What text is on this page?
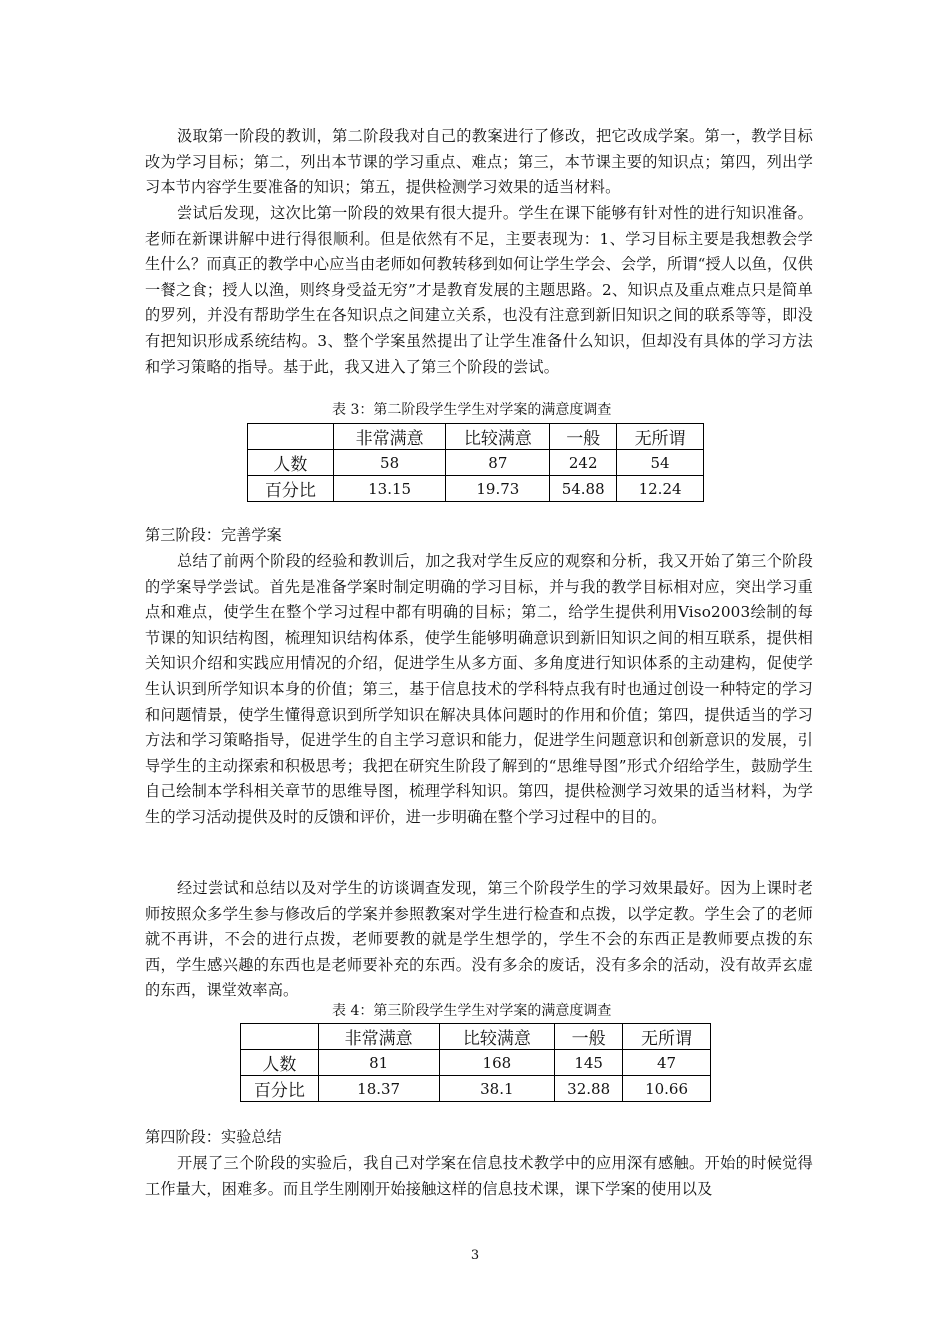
汲取第一阶段的教训，第二阶段我对自己的教案进行了修改，把它改成学案。第一，教学目标改为学习目标；第二，列出本节课的学习重点、难点；第三，本节课主要的知识点；第四，列出学习本节内容学生要准备的知识；第五，提供检测学习效果的适当材料。

尝试后发现，这次比第一阶段的效果有很大提升。学生在课下能够有针对性的进行知识准备。老师在新课讲解中进行得很顺利。但是依然有不足，主要表现为：1、学习目标主要是我想教会学生什么？而真正的教学中心应当由老师如何教转移到如何让学生学会、会学，所谓“授人以鱼，仅供一餐之食；授人以渔，则终身受益无穷”才是教育发展的主题思路。2、知识点及重点难点只是简单的罗列，并没有帮助学生在各知识点之间建立关系，也没有注意到新旧知识之间的联系等等，即没有把知识形成系统结构。3、整个学案虽然提出了让学生准备什么知识，但却没有具体的学习方法和学习策略的指导。基于此，我又进入了第三个阶段的尝试。

表 3：第二阶段学生学生对学案的满意度调查
	非常满意	比较满意	一般	无所谓
人数	58	87	242	54
百分比	13.15	19.73	54.88	12.24
第三阶段：完善学案

总结了前两个阶段的经验和教训后，加之我对学生反应的观察和分析，我又开始了第三个阶段的学案导学尝试。首先是准备学案时制定明确的学习目标，并与我的教学目标相对应，突出学习重点和难点，使学生在整个学习过程中都有明确的目标；第二，给学生提供利用Viso2003绘制的每节课的知识结构图，梳理知识结构体系，使学生能够明确意识到新旧知识之间的相互联系，提供相关知识介绍和实践应用情况的介绍，促进学生从多方面、多角度进行知识体系的主动建构，促使学生认识到所学知识本身的价值；第三，基于信息技术的学科特点我有时也通过创设一种特定的学习和问题情景，使学生懂得意识到所学知识在解决具体问题时的作用和价值；第四，提供适当的学习方法和学习策略指导，促进学生的自主学习意识和能力，促进学生问题意识和创新意识的发展，引导学生的主动探索和积极思考；我把在研究生阶段了解到的“思维导图”形式介绍给学生，鼓励学生自己绘制本学科相关章节的思维导图，梳理学科知识。第四，提供检测学习效果的适当材料，为学生的学习活动提供及时的反馈和评价，进一步明确在整个学习过程中的目的。

经过尝试和总结以及对学生的访谈调查发现，第三个阶段学生的学习效果最好。因为上课时老师按照众多学生参与修改后的学案并参照教案对学生进行检查和点拨，以学定教。学生会了的老师就不再讲，不会的进行点拨，老师要教的就是学生想学的，学生不会的东西正是教师要点拨的东西，学生感兴趣的东西也是老师要补充的东西。没有多余的废话，没有多余的活动，没有故弄玄虚的东西，课堂效率高。

表 4：第三阶段学生学生对学案的满意度调查
	非常满意	比较满意	一般	无所谓
人数	81	168	145	47
百分比	18.37	38.1	32.88	10.66
第四阶段：实验总结

开展了三个阶段的实验后，我自己对学案在信息技术教学中的应用深有感触。开始的时候觉得工作量大，困难多。而且学生刚刚开始接触这样的信息技术课，课下学案的使用以及

3
